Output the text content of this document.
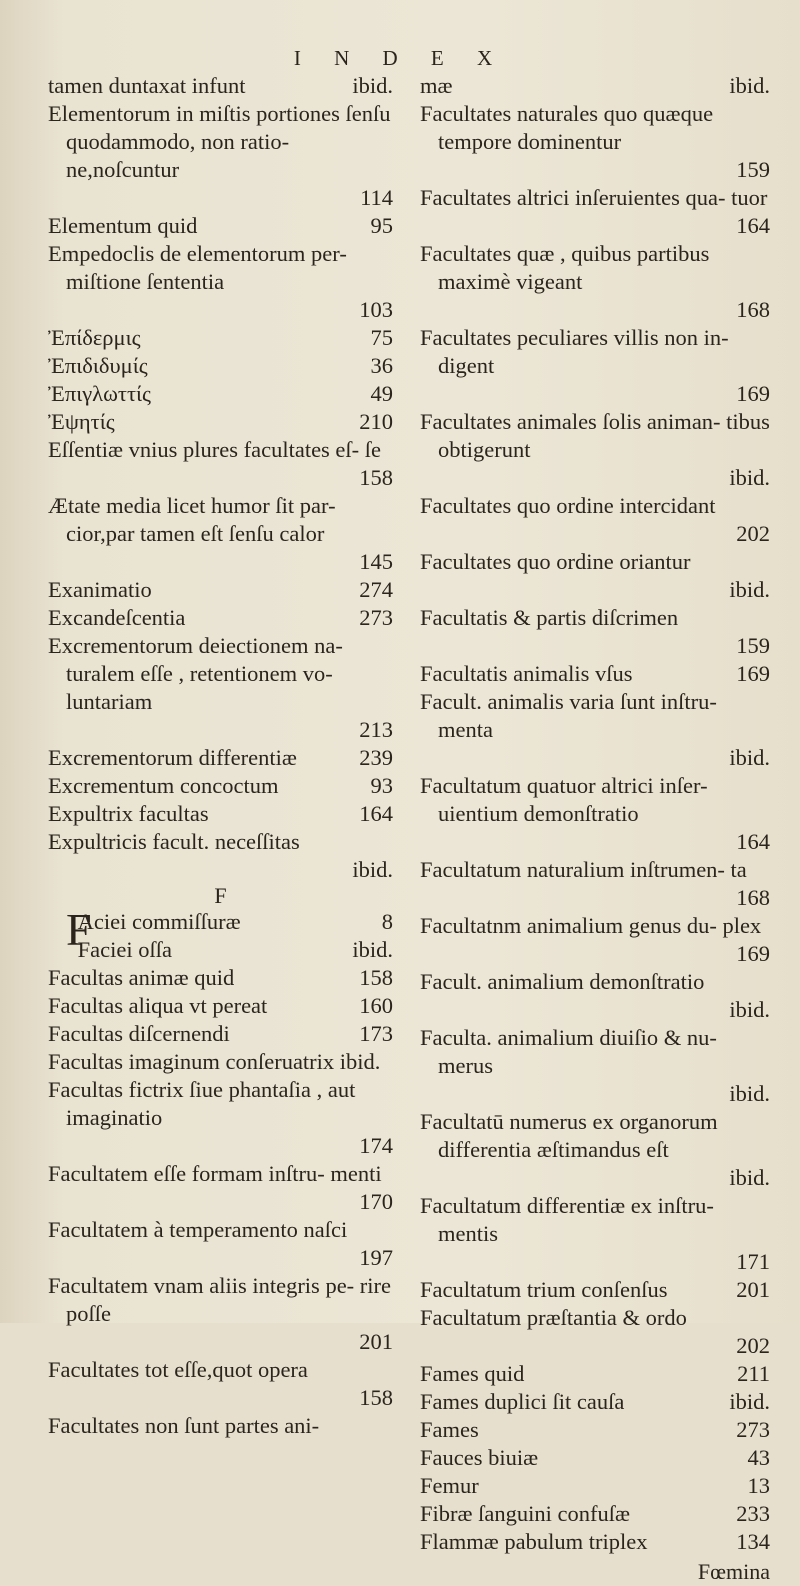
I N D E X
ibid.
tamen duntaxat infunt
Elementorum in miſtis portiones ſenſu quodammodo, non ratio- ne,noſcuntur
114
95
Elementum quid
Empedoclis de elementorum per- miſtione ſententia
103
75
Ἐπίδερμις
36
Ἐπιδιδυμίς
49
Ἐπιγλωττίς
210
Ἐψητίς
Eſſentiæ vnius plures facultates eſ- ſe
158
Ætate media licet humor ſit par- cior,par tamen eſt ſenſu calor
145
274
Exanimatio
273
Excandeſcentia
Excrementorum deiectionem na- turalem eſſe , retentionem vo- luntariam
213
239
Excrementorum differentiæ
93
Excrementum concoctum
164
Expultrix facultas
Expultricis facult. neceſſitas
ibid.
F
F	8
Aciei commiſſuræ
ibid.
Faciei oſſa
158
Facultas animæ quid
160
Facultas aliqua vt pereat
173
Facultas diſcernendi
Facultas imaginum conſeruatrix ibid.
Facultas fictrix ſiue phantaſia , aut imaginatio
174
Facultatem eſſe formam inſtru- menti
170
Facultatem à temperamento naſci
197
Facultatem vnam aliis integris pe- rire poſſe
201
Facultates tot eſſe,quot opera
158
Facultates non ſunt partes ani-
ibid.
mæ
Facultates naturales quo quæque tempore dominentur
159
Facultates altrici inſeruientes qua- tuor
164
Facultates quæ , quibus partibus maximè vigeant
168
Facultates peculiares villis non in- digent
169
Facultates animales ſolis animan- tibus obtigerunt
ibid.
Facultates quo ordine intercidant
202
Facultates quo ordine oriantur
ibid.
Facultatis & partis diſcrimen
159
169
Facultatis animalis vſus
Facult. animalis varia ſunt inſtru- menta
ibid.
Facultatum quatuor altrici inſer- uientium demonſtratio
164
Facultatum naturalium inſtrumen- ta
168
Facultatnm animalium genus du- plex
169
Facult. animalium demonſtratio
ibid.
Faculta. animalium diuiſio & nu- merus
ibid.
Facultatū numerus ex organorum differentia æſtimandus eſt
ibid.
Facultatum differentiæ ex inſtru- mentis
171
201
Facultatum trium conſenſus
Facultatum præſtantia & ordo
202
211
Fames quid
ibid.
Fames duplici ſit cauſa
273
Fames
43
Fauces biuiæ
13
Femur
233
Fibræ ſanguini confuſæ
134
Flammæ pabulum triplex
Fœmina
